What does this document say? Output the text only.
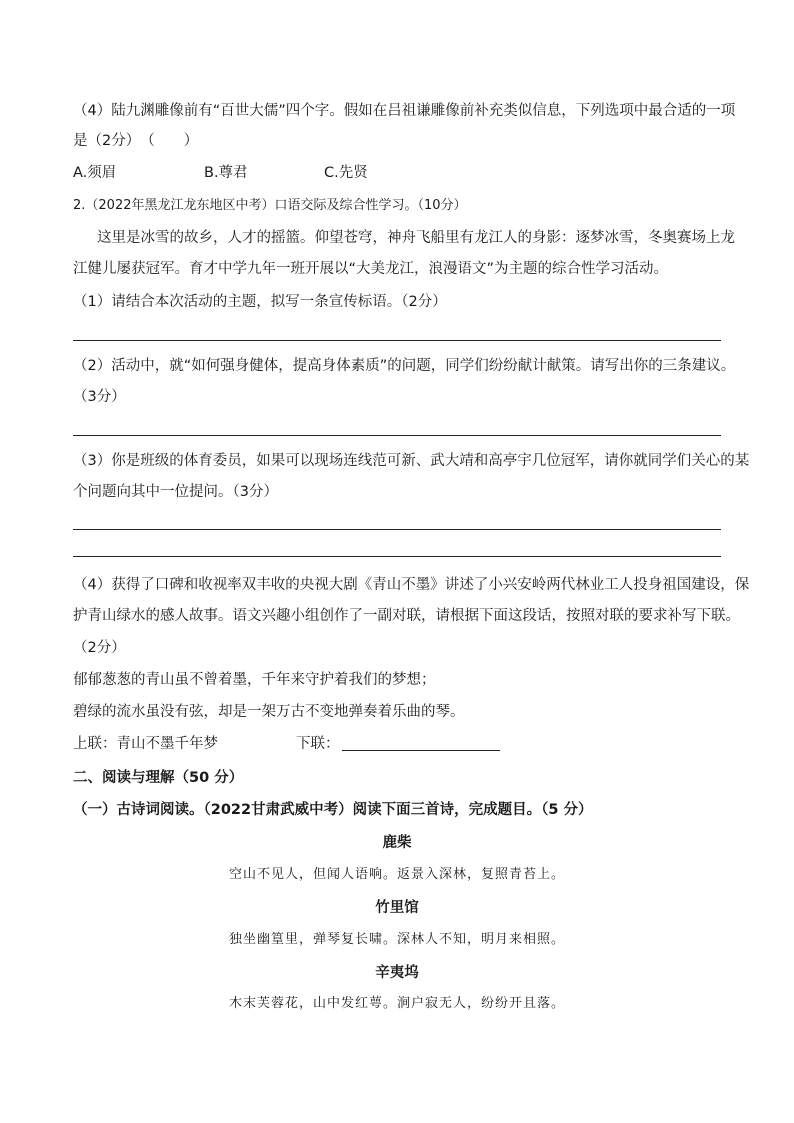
（4）陆九渊雕像前有“百世大儒”四个字。假如在吕祖谦雕像前补充类似信息，下列选项中最合适的一项
是（2分）　（　　）
A.须眉	B.尊君	C.先贤
2.（2022年黑龙江龙东地区中考）口语交际及综合性学习。（10分）
这里是冰雪的故乡，人才的摇篮。仰望苍穹，神舟飞船里有龙江人的身影：逐梦冰雪，冬奥赛场上龙
江健儿屡获冠军。育才中学九年一班开展以“大美龙江，浪漫语文”为主题的综合性学习活动。
（1）请结合本次活动的主题，拟写一条宣传标语。（2分）
（2）活动中，就“如何强身健体，提高身体素质”的问题，同学们纷纷献计献策。请写出你的三条建议。
（3分）
（3）你是班级的体育委员，如果可以现场连线范可新、武大靖和高亭宇几位冠军，请你就同学们关心的某
个问题向其中一位提问。（3分）
（4）获得了口碑和收视率双丰收的央视大剧《青山不墨》讲述了小兴安岭两代林业工人投身祖国建设，保
护青山绿水的感人故事。语文兴趣小组创作了一副对联，请根据下面这段话，按照对联的要求补写下联。
（2分）
郁郁葱葱的青山虽不曾着墨，千年来守护着我们的梦想；
碧绿的流水虽没有弦，却是一架万古不变地弹奏着乐曲的琴。
上联：青山不墨千年梦	下联：
二、阅读与理解（50 分）
（一）古诗词阅读。（2022甘肃武威中考）阅读下面三首诗，完成题目。（5 分）
鹿柴
空山不见人，但闻人语响。返景入深林，复照青苔上。
竹里馆
独坐幽篁里，弹琴复长啸。深林人不知，明月来相照。
辛夷坞
木末芙蓉花，山中发红萼。涧户寂无人，纷纷开且落。
